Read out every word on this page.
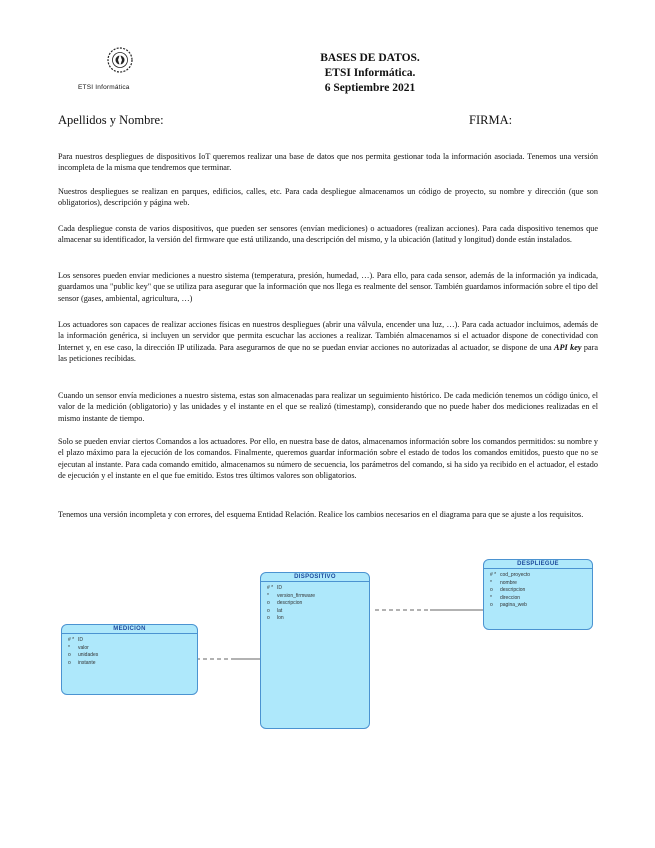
ETSI Informática
BASES DE DATOS.
ETSI Informática.
6 Septiembre 2021
Apellidos y Nombre:	FIRMA:

Para nuestros despliegues de dispositivos IoT queremos realizar una base de datos que nos permita gestionar toda la información asociada. Tenemos una versión incompleta de la misma que tendremos que terminar.

Nuestros despliegues se realizan en parques, edificios, calles, etc. Para cada despliegue almacenamos un código de proyecto, su nombre y dirección (que son obligatorios), descripción y página web.

Cada despliegue consta de varios dispositivos, que pueden ser sensores (envían mediciones) o actuadores (realizan acciones). Para cada dispositivo tenemos que almacenar su identificador, la versión del firmware que está utilizando, una descripción del mismo, y la ubicación (latitud y longitud) donde están instalados.

Los sensores pueden enviar mediciones a nuestro sistema (temperatura, presión, humedad, …). Para ello, para cada sensor, además de la información ya indicada, guardamos una "public key" que se utiliza para asegurar que la información que nos llega es realmente del sensor. También guardamos información sobre el tipo del sensor (gases, ambiental, agricultura, …)

Los actuadores son capaces de realizar acciones físicas en nuestros despliegues (abrir una válvula, encender una luz, …). Para cada actuador incluimos, además de la información genérica, si incluyen un servidor que permita escuchar las acciones a realizar. También almacenamos si el actuador dispone de conectividad con Internet y, en ese caso, la dirección IP utilizada. Para asegurarnos de que no se puedan enviar acciones no autorizadas al actuador, se dispone de una API key para las peticiones recibidas.

Cuando un sensor envía mediciones a nuestro sistema, estas son almacenadas para realizar un seguimiento histórico. De cada medición tenemos un código único, el valor de la medición (obligatorio) y las unidades y el instante en el que se realizó (timestamp), considerando que no puede haber dos mediciones realizadas en el mismo instante de tiempo.

Solo se pueden enviar ciertos Comandos a los actuadores. Por ello, en nuestra base de datos, almacenamos información sobre los comandos permitidos: su nombre y el plazo máximo para la ejecución de los comandos. Finalmente, queremos guardar información sobre el estado de todos los comandos emitidos, puesto que no se ejecutan al instante. Para cada comando emitido, almacenamos su número de secuencia, los parámetros del comando, si ha sido ya recibido en el actuador, el estado de ejecución y el instante en el que fue emitido. Estos tres últimos valores son obligatorios.

Tenemos una versión incompleta y con errores, del esquema Entidad Relación. Realice los cambios necesarios en el diagrama para que se ajuste a los requisitos.

MEDICION
# * ID
* valor
o unidades
o instante
DISPOSITIVO
# * ID
* version_firmware
o descripcion
o lat
o lon
DESPLIEGUE
# * cod_proyecto
* nombre
o descripcion
* direccion
o pagina_web
